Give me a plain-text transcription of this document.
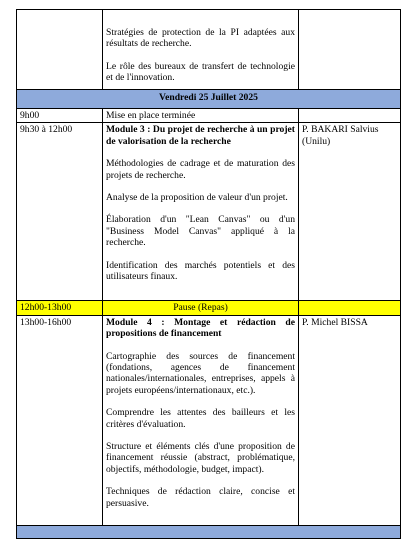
	Stratégies de protection de la PI adaptées aux résultats de recherche.

Le rôle des bureaux de transfert de technologie et de l'innovation.	

Vendredi 25 Juillet 2025		
9h00	Mise en place terminée	
9h30 à 12h00	Module 3 : Du projet de recherche à un projet de valorisation de la recherche

Méthodologies de cadrage et de maturation des projets de recherche.

Analyse de la proposition de valeur d'un projet.

Élaboration d'un "Lean Canvas" ou d'un "Business Model Canvas" appliqué à la recherche.

Identification des marchés potentiels et des utilisateurs finaux.	P. BAKARI Salvius (Unilu)
12h00-13h00	Pause (Repas)	
13h00-16h00	Module 4 : Montage et rédaction de propositions de financement

Cartographie des sources de financement (fondations, agences de financement nationales/internationales, entreprises, appels à projets européens/internationaux, etc.).

Comprendre les attentes des bailleurs et les critères d'évaluation.

Structure et éléments clés d'une proposition de financement réussie (abstract, problématique, objectifs, méthodologie, budget, impact).

Techniques de rédaction claire, concise et persuasive.	P. Michel BISSA
